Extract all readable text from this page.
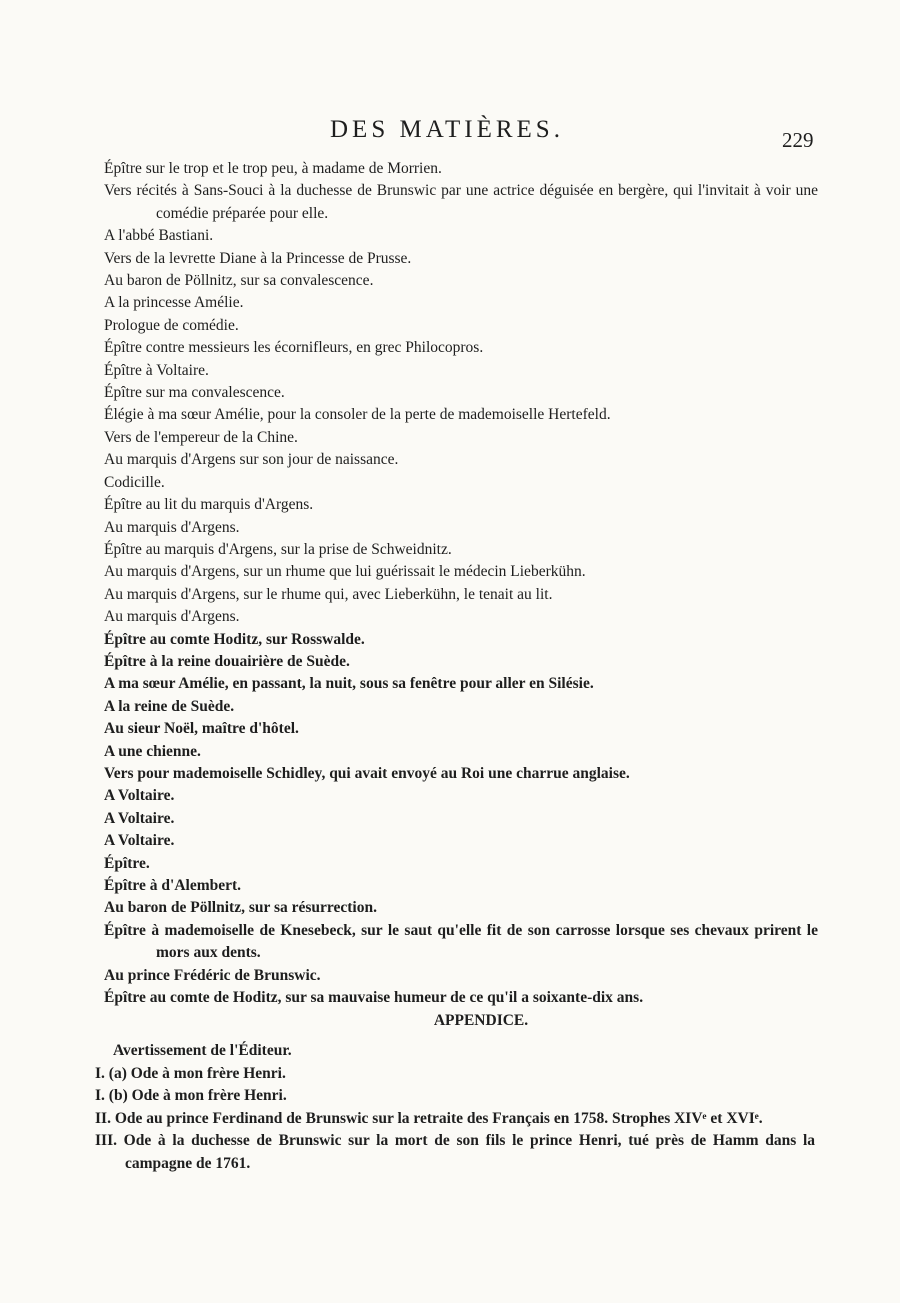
DES MATIÈRES.	229

Épître sur le trop et le trop peu, à madame de Morrien.

Vers récités à Sans-Souci à la duchesse de Brunswic par une actrice déguisée en bergère, qui l'invitait à voir une comédie préparée pour elle.

A l'abbé Bastiani.

Vers de la levrette Diane à la Princesse de Prusse.

Au baron de Pöllnitz, sur sa convalescence.

A la princesse Amélie.

Prologue de comédie.

Épître contre messieurs les écornifleurs, en grec Philocopros.

Épître à Voltaire.

Épître sur ma convalescence.

Élégie à ma sœur Amélie, pour la consoler de la perte de mademoiselle Hertefeld.

Vers de l'empereur de la Chine.

Au marquis d'Argens sur son jour de naissance.

Codicille.

Épître au lit du marquis d'Argens.

Au marquis d'Argens.

Épître au marquis d'Argens, sur la prise de Schweidnitz.

Au marquis d'Argens, sur un rhume que lui guérissait le médecin Lieberkühn.

Au marquis d'Argens, sur le rhume qui, avec Lieberkühn, le tenait au lit.

Au marquis d'Argens.

Épître au comte Hoditz, sur Rosswalde.

Épître à la reine douairière de Suède.

A ma sœur Amélie, en passant, la nuit, sous sa fenêtre pour aller en Silésie.

A la reine de Suède.

Au sieur Noël, maître d'hôtel.

A une chienne.

Vers pour mademoiselle Schidley, qui avait envoyé au Roi une charrue anglaise.

A Voltaire.

A Voltaire.

A Voltaire.

Épître.

Épître à d'Alembert.

Au baron de Pöllnitz, sur sa résurrection.

Épître à mademoiselle de Knesebeck, sur le saut qu'elle fit de son carrosse lorsque ses chevaux prirent le mors aux dents.

Au prince Frédéric de Brunswic.

Épître au comte de Hoditz, sur sa mauvaise humeur de ce qu'il a soixante-dix ans.

APPENDICE.

Avertissement de l'Éditeur.

I. (a) Ode à mon frère Henri.

I. (b) Ode à mon frère Henri.

II. Ode au prince Ferdinand de Brunswic sur la retraite des Français en 1758. Strophes XIVᵉ et XVIᵉ.

III. Ode à la duchesse de Brunswic sur la mort de son fils le prince Henri, tué près de Hamm dans la campagne de 1761.
